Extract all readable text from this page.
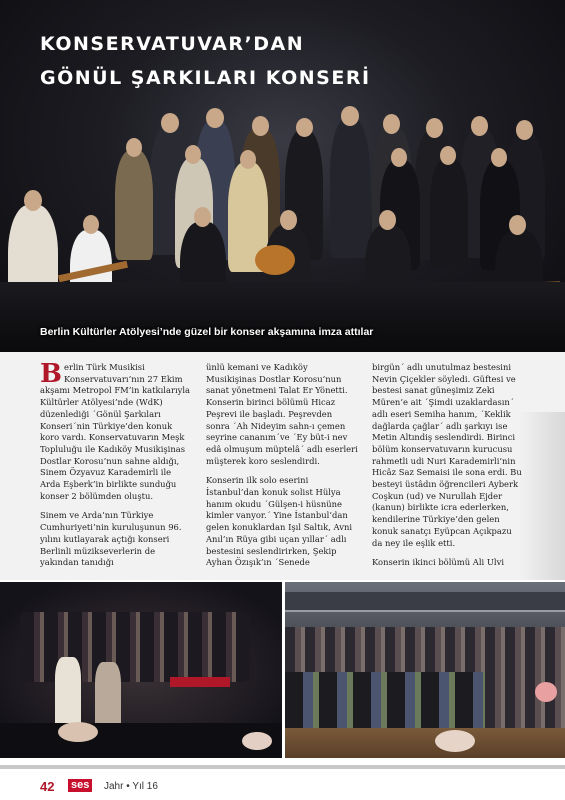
KONSERVATUVAR’DAN
GÖNÜL ŞARKILARI KONSERİ
Berlin Kültürler Atölyesi’nde güzel bir konser akşamına imza attılar

Berlin Türk Musikisi Konservatuvarı’nın 27 Ekim akşamı Metropol FM’in katkılarıyla Kültürler Atölyesi’nde (WdK) düzenlediği ´Gönül Şarkıları Konseri´nin Türkiye’den konuk koro vardı. Konservatuvarın Meşk Topluluğu ile Kadıköy Musikişinas Dostlar Korosu’nun sahne aldığı, Sinem Özyavuz Karademirli ile Arda Eşberk’in birlikte sunduğu konser 2 bölümden oluştu.

Sinem ve Arda’nın Türkiye Cumhuriyeti’nin kuruluşunun 96. yılını kutlayarak açtığı konseri Berlinli müzikseverlerin de yakından tanıdığı

ünlü kemani ve Kadıköy Musikişinas Dostlar Korosu’nun sanat yönetmeni Talat Er Yönetti. Konserin birinci bölümü Hicaz Peşrevi ile başladı. Peşrevden sonra ´Ah Nideyim sahn-ı çemen seyrine cananım´ve ´Ey büt-i nev edâ olmuşum müptelâ´ adlı eserleri müşterek koro seslendirdi.

Konserin ilk solo eserini İstanbul’dan konuk solist Hülya hanım okudu ´Gülşen-i hüsnüne kimler vanyor.´ Yine İstanbul’dan gelen konuklardan Işıl Saltık, Avni Anıl’ın Rüya gibi uçan yıllar´ adlı bestesini seslendirirken, Şekip Ayhan Özışık’ın ´Senede

birgün´ adlı unutulmaz bestesini Nevin Çiçekler söyledi. Güftesi ve bestesi sanat güneşimiz Zeki Müren’e ait ´Şimdi uzaklardasın´ adlı eseri Semiha hanım, ´Keklik dağlarda çağlar´ adlı şarkıyı ise Metin Altındiş seslendirdi. Birinci bölüm konservatuvarın kurucusu rahmetli udi Nuri Karademirli’nin Hicâz Saz Semaisi ile sona erdi. Bu besteyi üstâdın öğrencileri Ayberk Coşkun (ud) ve Nurullah Ejder (kanun) birlikte icra ederlerken, kendilerine Türkiye’den gelen konuk sanatçı Eyüpcan Açıkpazu da ney ile eşlik etti.

Konserin ikinci bölümü Ali Ulvi

42 ses	Jahr • Yıl 16
